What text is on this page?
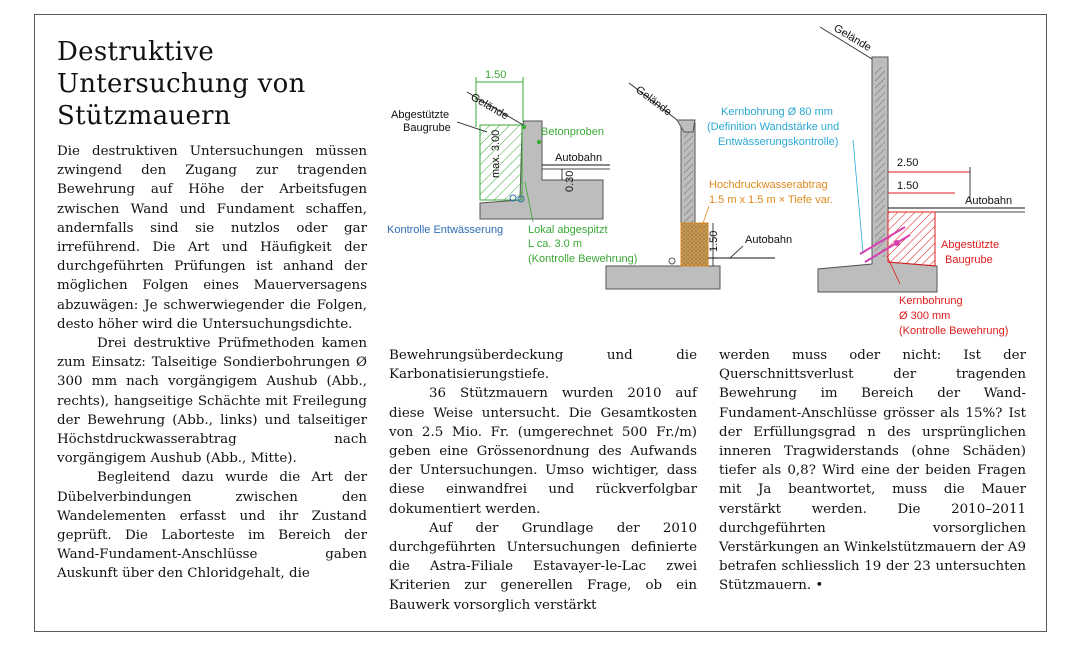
Destruktive
Untersuchung von
Stützmauern

Die destruktiven Untersuchungen müssen zwingend den Zugang zur tragenden Bewehrung auf Höhe der Arbeitsfugen zwischen Wand und Fundament schaffen, andernfalls sind sie nutzlos oder gar irreführend. Die Art und Häufigkeit der durchgeführten Prüfungen ist anhand der möglichen Folgen eines Mauerversagens abzuwägen: Je schwerwiegender die Folgen, desto höher wird die Untersuchungsdichte.

Drei destruktive Prüfmethoden kamen zum Einsatz: Talseitige Sondierbohrungen Ø 300 mm nach vorgängigem Aushub (Abb., rechts), hangseitige Schächte mit Freilegung der Bewehrung (Abb., links) und talseitiger Höchstdruckwasserabtrag nach vorgängigem Aushub (Abb., Mitte).

Begleitend dazu wurde die Art der Dübelverbindungen zwischen den Wandelementen erfasst und ihr Zustand geprüft. Die Laborteste im Bereich der Wand-Fundament-Anschlüsse gaben Auskunft über den Chloridgehalt, die

Bewehrungsüberdeckung und die Karbonatisierungstiefe.

36 Stützmauern wurden 2010 auf diese Weise untersucht. Die Gesamtkosten von 2.5 Mio. Fr. (umgerechnet 500 Fr./m) geben eine Grössenordnung des Aufwands der Untersuchungen. Umso wichtiger, dass diese einwandfrei und rückverfolgbar dokumentiert werden.

Auf der Grundlage der 2010 durchgeführten Untersuchungen definierte die Astra-Filiale Estavayer-le-Lac zwei Kriterien zur generellen Frage, ob ein Bauwerk vorsorglich verstärkt

werden muss oder nicht: Ist der Querschnittsverlust der tragenden Bewehrung im Bereich der Wand-Fundament-Anschlüsse grösser als 15%? Ist der Erfüllungsgrad n des ursprünglichen inneren Tragwiderstands (ohne Schäden) tiefer als 0,8? Wird eine der beiden Fragen mit Ja beantwortet, muss die Mauer verstärkt werden. Die 2010–2011 durchgeführten vorsorglichen Verstärkungen an Winkelstützmauern der A9 betrafen schliesslich 19 der 23 untersuchten Stützmauern. •

1.50
Gelände
Abgestützte
Baugrube
max. 3.00	Betonproben
Autobahn
0.30
Kontrolle Entwässerung Lokal abgespitzt
L ca. 3.0 m
(Kontrolle Bewehrung)
Gelände
Hochdruckwasserabtrag
1.5 m x 1.5 m × Tiefe var.
1.50 Autobahn
Gelände
Kernbohrung Ø 80 mm
(Definition Wandstärke und
Entwässerungskontrolle)
2.50
1.50
Autobahn
Abgestützte
Baugrube
Kernbohrung
Ø 300 mm
(Kontrolle Bewehrung)
